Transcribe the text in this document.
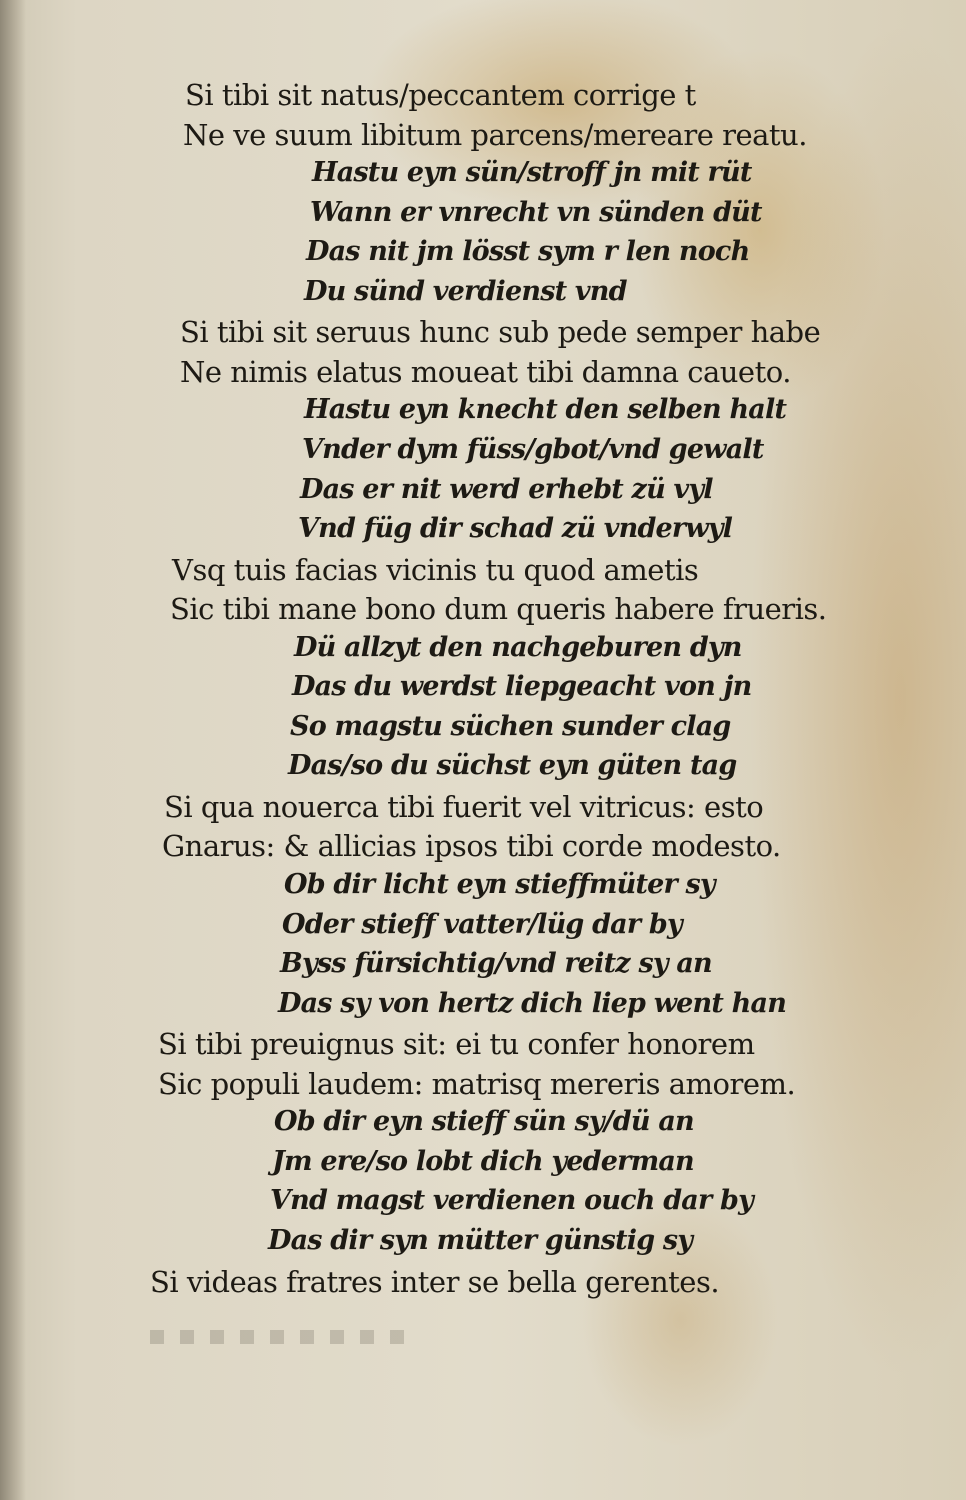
Si tibi sit natus/peccantem corrige t
Ne ve suum libitum parcens/mereare reatu.
Hastu eyn sün/stroff jn mit rüt
Wann er vnrecht vn sünden düt
Das nit jm lösst sym r len noch
Du sünd verdienst vnd
Si tibi sit seruus hunc sub pede semper habe
Ne nimis elatus moueat tibi damna caueto.
Hastu eyn knecht den selben halt
Vnder dym füss/gbot/vnd gewalt
Das er nit werd erhebt zü vyl
Vnd füg dir schad zü vnderwyl
Vsq tuis facias vicinis tu quod ametis
Sic tibi mane bono dum queris habere frueris.
Dü allzyt den nachgeburen dyn
Das du werdst liepgeacht von jn
So magstu süchen sunder clag
Das/so du süchst eyn güten tag
Si qua nouerca tibi fuerit vel vitricus: esto
Gnarus: & allicias ipsos tibi corde modesto.
Ob dir licht eyn stieffmüter sy
Oder stieff vatter/lüg dar by
Byss fürsichtig/vnd reitz sy an
Das sy von hertz dich liep went han
Si tibi preuignus sit: ei tu confer honorem
Sic populi laudem: matrisq mereris amorem.
Ob dir eyn stieff sün sy/dü an
Jm ere/so lobt dich yederman
Vnd magst verdienen ouch dar by
Das dir syn mütter günstig sy
Si videas fratres inter se bella gerentes.
